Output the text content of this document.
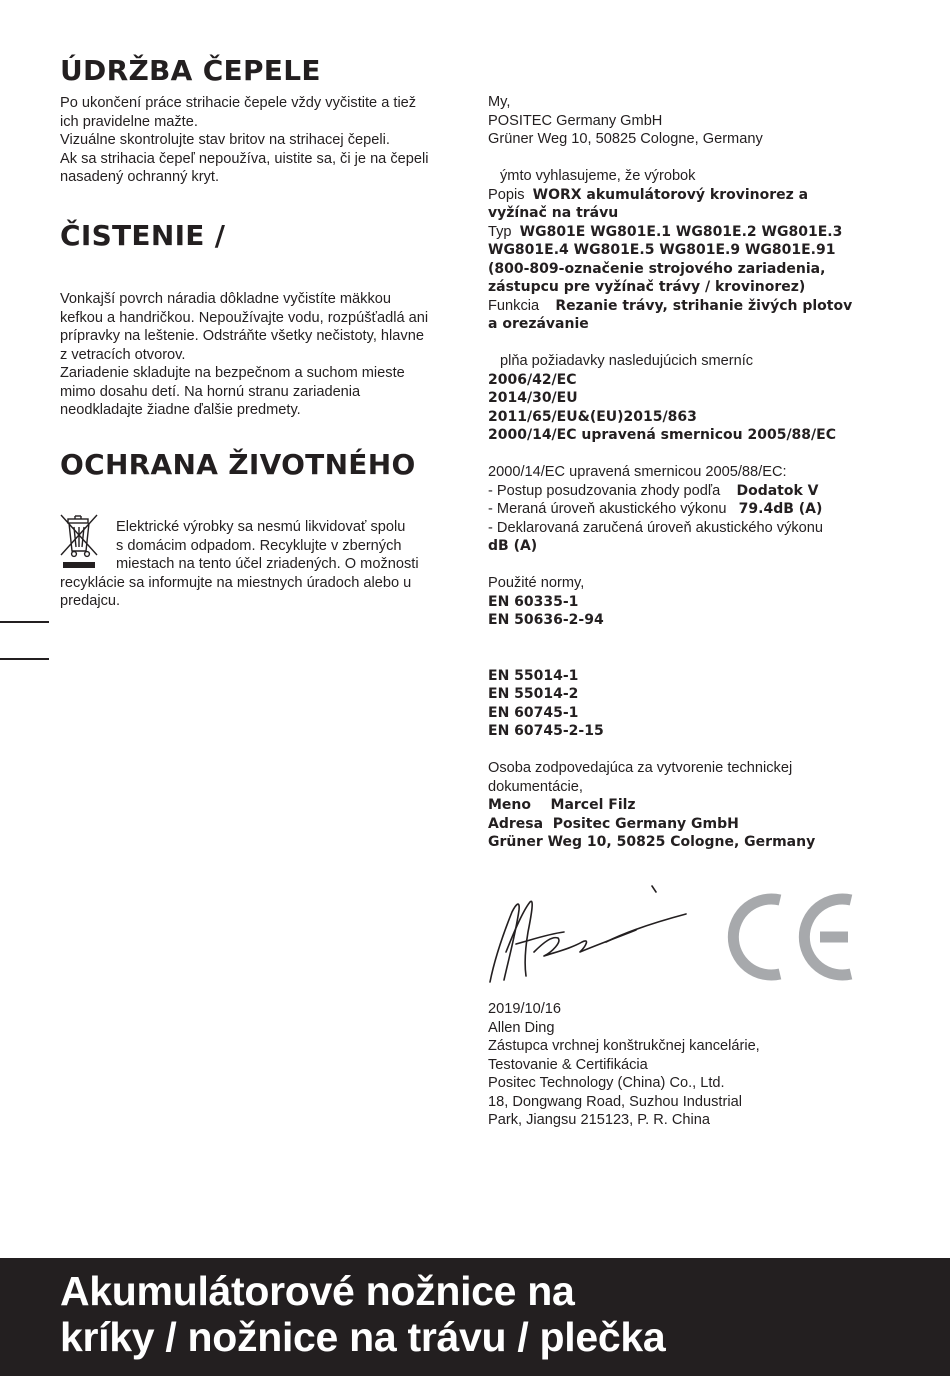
ÚDRŽBA ČEPELE
Po ukončení práce strihacie čepele vždy vyčistite a tiež
ich pravidelne mažte.
Vizuálne skontrolujte stav britov na strihacej čepeli.
Ak sa strihacia čepeľ nepoužíva, uistite sa, či je na čepeli
nasadený ochranný kryt.
ČISTENIE /
Vonkajší povrch náradia dôkladne vyčistíte mäkkou
kefkou a handričkou. Nepoužívajte vodu, rozpúšťadlá ani
prípravky na leštenie. Odstráňte všetky nečistoty, hlavne
z vetracích otvorov.
Zariadenie skladujte na bezpečnom a suchom mieste
mimo dosahu detí. Na hornú stranu zariadenia
neodkladajte žiadne ďalšie predmety.
OCHRANA ŽIVOTNÉHO
Elektrické výrobky sa nesmú likvidovať spolu
s domácim odpadom. Recyklujte v zberných
miestach na tento účel zriadených. O možnosti
recyklácie sa informujte na miestnych úradoch alebo u
predajcu.
My,
POSITEC Germany GmbH
Grüner Weg 10, 50825 Cologne, Germany
ýmto vyhlasujeme, že výrobok
Popis WORX akumulátorový krovinorez a
vyžínač na trávu
Typ WG801E WG801E.1 WG801E.2 WG801E.3
WG801E.4 WG801E.5 WG801E.9 WG801E.91
(800-809-označenie strojového zariadenia,
zástupcu pre vyžínač trávy / krovinorez)
Funkcia Rezanie trávy, strihanie živých plotov
a orezávanie
plňa požiadavky nasledujúcich smerníc
2006/42/EC
2014/30/EU
2011/65/EU&(EU)2015/863
2000/14/EC upravená smernicou 2005/88/EC
2000/14/EC upravená smernicou 2005/88/EC:
- Postup posudzovania zhody podľa Dodatok V
- Meraná úroveň akustického výkonu 79.4dB (A)
- Deklarovaná zaručená úroveň akustického výkonu
dB (A)
Použité normy,
EN 60335-1
EN 50636-2-94
EN 55014-1
EN 55014-2
EN 60745-1
EN 60745-2-15
Osoba zodpovedajúca za vytvorenie technickej
dokumentácie,
Meno Marcel Filz
Adresa Positec Germany GmbH
Grüner Weg 10, 50825 Cologne, Germany
2019/10/16
Allen Ding
Zástupca vrchnej konštrukčnej kancelárie,
Testovanie & Certifikácia
Positec Technology (China) Co., Ltd.
18, Dongwang Road, Suzhou Industrial
Park, Jiangsu 215123, P. R. China
Akumulátorové nožnice na
kríky / nožnice na trávu / plečka
